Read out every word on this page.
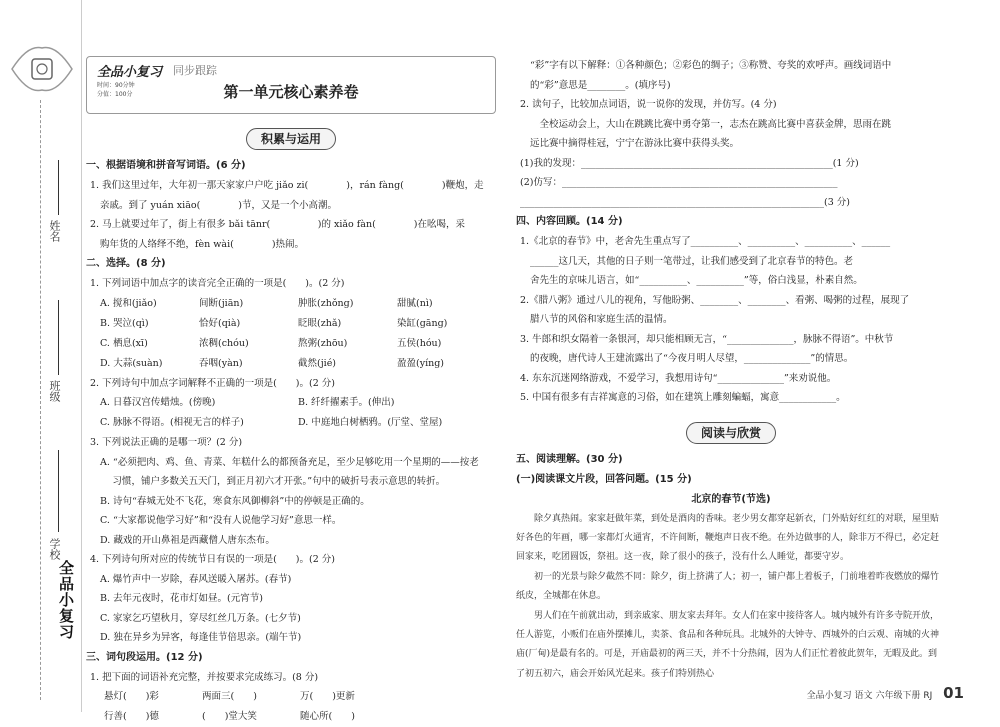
姓名
班级
学校
全品小复习
全品小复习 同步跟踪
时间：90分钟
分值：100分	第一单元核心素养卷
积累与运用
一、根据语境和拼音写词语。(6 分)
1. 我们这里过年，大年初一那天家家户户吃 jiǎo zi(　　　　)，rán fàng(　　　　)鞭炮，走
亲戚。到了 yuán xiāo(　　　　)节，又是一个小高潮。
2. 马上就要过年了，街上有很多 bǎi tānr(　　　　　)的 xiǎo fàn(　　　　)在吆喝，采
购年货的人络绎不绝，fèn wài(　　　　)热闹。
二、选择。(8 分)
1. 下列词语中加点字的读音完全正确的一项是(　　)。(2 分)
A. 搅和(jiǎo)	间断(jiān)	肿胀(zhǒng)	甜腻(nì)
B. 哭泣(qì)	恰好(qià)	眨眼(zhǎ)	染缸(gāng)
C. 栖息(xī)	浓稠(chóu)	熬粥(zhōu)	五侯(hóu)
D. 大蒜(suàn)	吞咽(yàn)	截然(jié)	盈盈(yíng)
2. 下列诗句中加点字词解释不正确的一项是(　　)。(2 分)
A. 日暮汉宫传蜡烛。(傍晚)	B. 纤纤擢素手。(伸出)
C. 脉脉不得语。(相视无言的样子)	D. 中庭地白树栖鸦。(厅堂、堂屋)
3. 下列说法正确的是哪一项？(2 分)
A. “必须把肉、鸡、鱼、青菜、年糕什么的都预备充足，至少足够吃用一个星期的——按老
　 习惯，铺户多数关五天门，到正月初六才开张。”句中的破折号表示意思的转折。
B. 诗句“春城无处不飞花，寒食东风御柳斜”中的停顿是正确的。
C. “大家都说他学习好”和“没有人说他学习好”意思一样。
D. 藏戏的开山鼻祖是西藏僧人唐东杰布。
4. 下列诗句所对应的传统节日有误的一项是(　　)。(2 分)
A. 爆竹声中一岁除，春风送暖入屠苏。(春节)
B. 去年元夜时，花市灯如昼。(元宵节)
C. 家家乞巧望秋月，穿尽红丝几万条。(七夕节)
D. 独在异乡为异客，每逢佳节倍思亲。(端午节)
三、词句段运用。(12 分)
1. 把下面的词语补充完整，并按要求完成练习。(8 分)
悬灯(　　)彩	两面三(　　)	万(　　)更新
行善(　　)德	(　　)堂大笑	随心所(　　)
“彩”字有以下解释：①各种颜色；②彩色的绸子；③称赞、夸奖的欢呼声。画线词语中
的“彩”意思是________。(填序号)
2. 读句子，比较加点词语，说一说你的发现，并仿写。(4 分)
　全校运动会上，大山在跳跳比赛中勇夺第一，志杰在跳高比赛中喜获金牌，思雨在跳
远比赛中摘得桂冠，宁宁在游泳比赛中获得头奖。
(1)我的发现：_____________________________________________________(1 分)
(2)仿写：__________________________________________________________
________________________________________________________________(3 分)
四、内容回顾。(14 分)
1.《北京的春节》中，老舍先生重点写了__________、__________、__________、______
______这几天，其他的日子则一笔带过，让我们感受到了北京春节的特色。老
舍先生的京味儿语言，如“__________、__________”等，俗白浅显，朴素自然。
2.《腊八粥》通过八儿的视角，写他盼粥、________、________、看粥、喝粥的过程，展现了
腊八节的风俗和家庭生活的温情。
3. 牛郎和织女隔着一条银河，却只能相顾无言，“______________，脉脉不得语”。中秋节
的夜晚，唐代诗人王建流露出了“今夜月明人尽望，______________”的情思。
4. 东东沉迷网络游戏，不爱学习，我想用诗句“______________”来劝说他。
5. 中国有很多有吉祥寓意的习俗，如在建筑上雕刻蝙蝠，寓意____________。
阅读与欣赏
五、阅读理解。(30 分)
(一)阅读课文片段，回答问题。(15 分)
北京的春节(节选)
除夕真热闹。家家赶做年菜，到处是酒肉的香味。老少男女都穿起新衣，门外贴好红红的对联，屋里贴好各色的年画，哪一家都灯火通宵，不许间断，鞭炮声日夜不绝。在外边做事的人，除非万不得已，必定赶回家来，吃团圆饭，祭祖。这一夜，除了很小的孩子，没有什么人睡觉，都要守岁。
初一的光景与除夕截然不同：除夕，街上挤满了人；初一，铺户都上着板子，门前堆着昨夜燃放的爆竹纸皮，全城都在休息。
男人们在午前就出动，到亲戚家、朋友家去拜年。女人们在家中接待客人。城内城外有许多寺院开放，任人游览，小贩们在庙外摆摊儿，卖茶、食品和各种玩具。北城外的大钟寺、西城外的白云观、南城的火神庙(厂甸)是最有名的。可是，开庙最初的两三天，并不十分热闹，因为人们正忙着彼此贺年，无暇及此。到了初五初六，庙会开始风光起来。孩子们特别热心
全品小复习 语文 六年级下册 RJ 01
